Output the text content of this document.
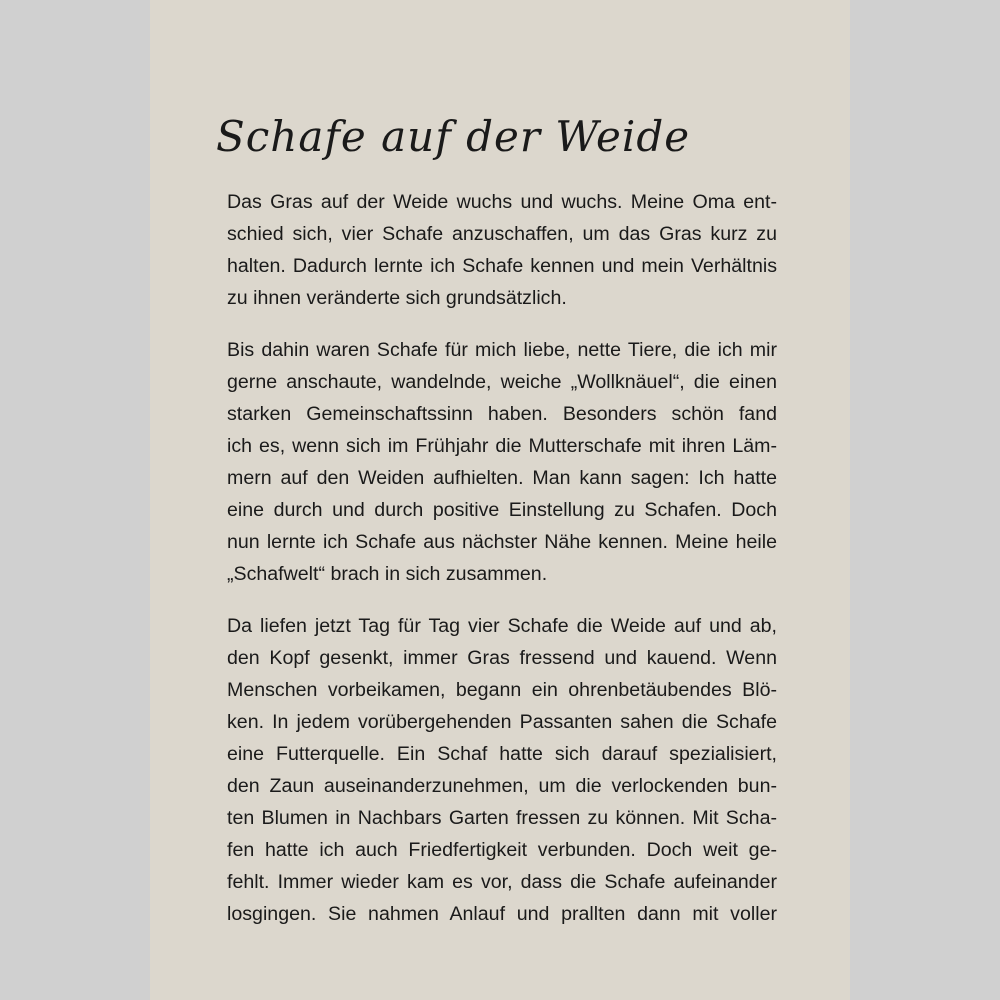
Schafe auf der Weide

Das Gras auf der Weide wuchs und wuchs. Meine Oma ent-
schied sich, vier Schafe anzuschaffen, um das Gras kurz zu
halten. Dadurch lernte ich Schafe kennen und mein Verhältnis
zu ihnen veränderte sich grundsätzlich.

Bis dahin waren Schafe für mich liebe, nette Tiere, die ich mir
gerne anschaute, wandelnde, weiche „Wollknäuel“, die einen
starken Gemeinschaftssinn haben. Besonders schön fand
ich es, wenn sich im Frühjahr die Mutterschafe mit ihren Läm-
mern auf den Weiden aufhielten. Man kann sagen: Ich hatte
eine durch und durch positive Einstellung zu Schafen. Doch
nun lernte ich Schafe aus nächster Nähe kennen. Meine heile
„Schafwelt“ brach in sich zusammen.

Da liefen jetzt Tag für Tag vier Schafe die Weide auf und ab,
den Kopf gesenkt, immer Gras fressend und kauend. Wenn
Menschen vorbeikamen, begann ein ohrenbetäubendes Blö-
ken. In jedem vorübergehenden Passanten sahen die Schafe
eine Futterquelle. Ein Schaf hatte sich darauf spezialisiert,
den Zaun auseinanderzunehmen, um die verlockenden bun-
ten Blumen in Nachbars Garten fressen zu können. Mit Scha-
fen hatte ich auch Friedfertigkeit verbunden. Doch weit ge-
fehlt. Immer wieder kam es vor, dass die Schafe aufeinander
losgingen. Sie nahmen Anlauf und prallten dann mit voller
